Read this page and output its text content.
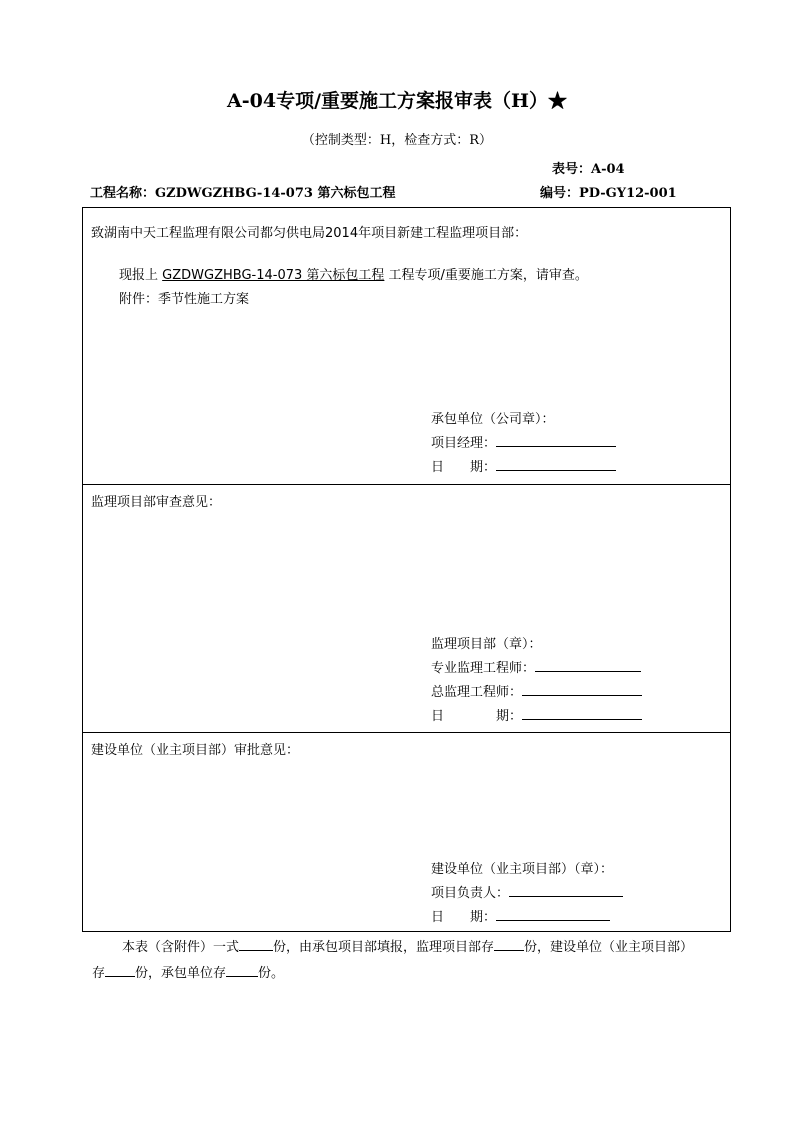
A-04专项/重要施工方案报审表（H）★
（控制类型：H，检查方式：R）
表号：A-04
工程名称：GZDWGZHBG-14-073 第六标包工程	编号：PD-GY12-001
致湖南中天工程监理有限公司都匀供电局2014年项目新建工程监理项目部：
现报上 GZDWGZHBG-14-073 第六标包工程 工程专项/重要施工方案，请审查。
附件：季节性施工方案
承包单位（公司章）：
项目经理：
日　　期：
监理项目部审查意见：
监理项目部（章）：
专业监理工程师：
总监理工程师：
日　　　　期：
建设单位（业主项目部）审批意见：
建设单位（业主项目部）（章）：
项目负责人：
日　　期：
本表（含附件）一式	份，由承包项目部填报，监理项目部存 份，建设单位（业主项目部）
存 份，承包单位存 份。
